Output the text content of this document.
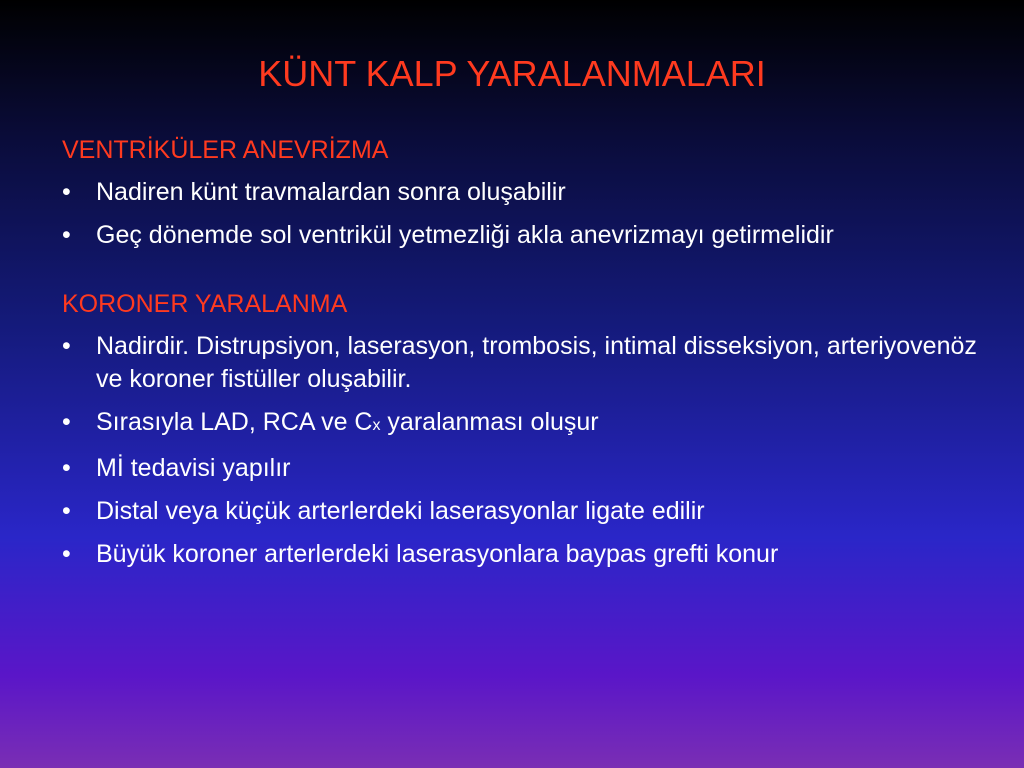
KÜNT KALP YARALANMALARI

VENTRİKÜLER ANEVRİZMA

• Nadiren künt travmalardan sonra oluşabilir
• Geç dönemde sol ventrikül yetmezliği akla anevrizmayı getirmelidir

KORONER YARALANMA

• Nadirdir. Distrupsiyon, laserasyon, trombosis, intimal disseksiyon, arteriyovenöz ve koroner fistüller oluşabilir.
• Sırasıyla LAD, RCA ve Cx yaralanması oluşur
• Mİ tedavisi yapılır
• Distal veya küçük arterlerdeki laserasyonlar ligate edilir
• Büyük koroner arterlerdeki laserasyonlara baypas grefti konur
